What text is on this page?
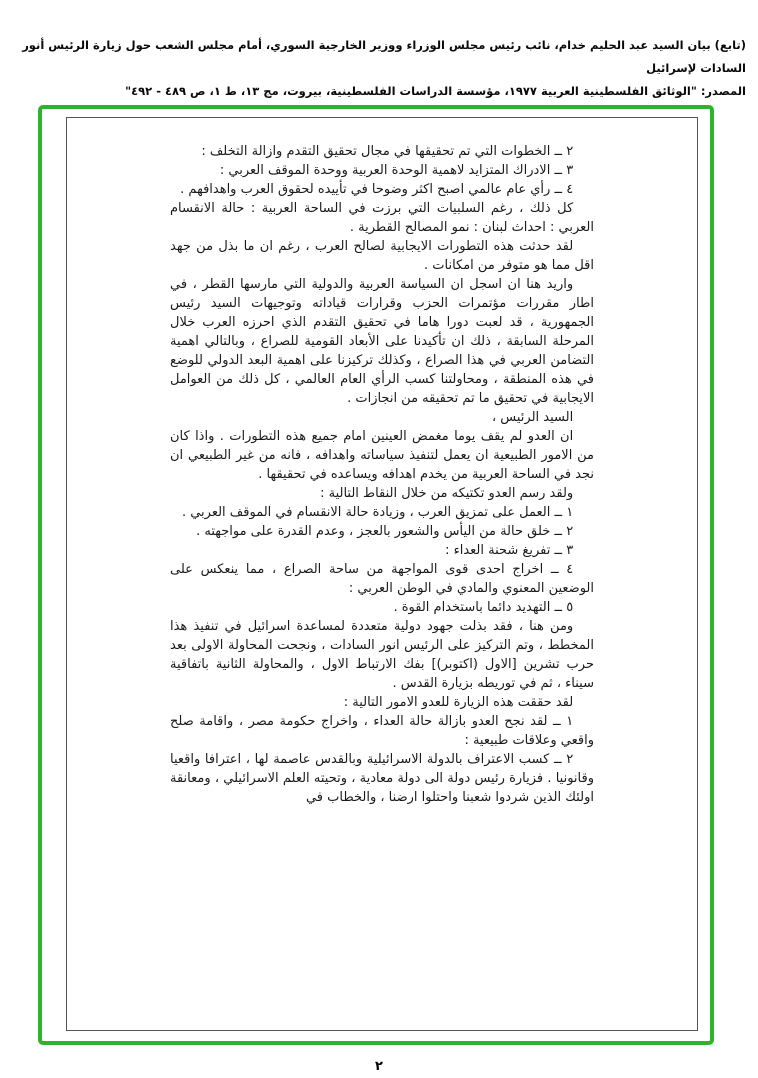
(تابع) بيان السيد عبد الحليم خدام، نائب رئيس مجلس الوزراء ووزير الخارجية السوري، أمام مجلس الشعب حول زيارة الرئيس أنور السادات لإسرائيل
المصدر: "الوثائق الفلسطينية العربية ١٩٧٧، مؤسسة الدراسات الفلسطينية، بيروت، مج ١٣، ط ١، ص ٤٨٩ - ٤٩٢"

٢ ــ الخطوات التي تم تحقيقها في مجال تحقيق التقدم وازالة التخلف :

٣ ــ الادراك المتزايد لاهمية الوحدة العربية ووحدة الموقف العربي :

٤ ــ رأي عام عالمي اصبح اكثر وضوحا في تأييده لحقوق العرب واهدافهم .

كل ذلك ، رغم السلبيات التي برزت في الساحة العربية : حالة الانقسام العربي : احداث لبنان : نمو المصالح القطرية .

لقد حدثت هذه التطورات الايجابية لصالح العرب ، رغم ان ما بذل من جهد اقل مما هو متوفر من امكانات .

واريد هنا ان اسجل ان السياسة العربية والدولية التي مارسها القطر ، في اطار مقررات مؤتمرات الحزب وقرارات قياداته وتوجيهات السيد رئيس الجمهورية ، قد لعبت دورا هاما في تحقيق التقدم الذي احرزه العرب خلال المرحلة السابقة ، ذلك ان تأكيدنا على الأبعاد القومية للصراع ، وبالتالي اهمية التضامن العربي في هذا الصراع ، وكذلك تركيزنا على اهمية البعد الدولي للوضع في هذه المنطقة ، ومحاولتنا كسب الرأي العام العالمي ، كل ذلك من العوامل الايجابية في تحقيق ما تم تحقيقه من انجازات .

السيد الرئيس ،

ان العدو لم يقف يوما مغمض العينين امام جميع هذه التطورات . واذا كان من الامور الطبيعية ان يعمل لتنفيذ سياساته واهدافه ، فانه من غير الطبيعي ان نجد في الساحة العربية من يخدم اهدافه ويساعده في تحقيقها .

ولقد رسم العدو تكتيكه من خلال النقاط التالية :

١ ــ العمل على تمزيق العرب ، وزيادة حالة الانقسام في الموقف العربي .

٢ ــ خلق حالة من اليأس والشعور بالعجز ، وعدم القدرة على مواجهته .

٣ ــ تفريغ شحنة العداء :

٤ ــ اخراج احدى قوى المواجهة من ساحة الصراع ، مما ينعكس على الوضعين المعنوي والمادي في الوطن العربي :

٥ ــ التهديد دائما باستخدام القوة .

ومن هنا ، فقد بذلت جهود دولية متعددة لمساعدة اسرائيل في تنفيذ هذا المخطط ، وتم التركيز على الرئيس انور السادات ، ونجحت المحاولة الاولى بعد حرب تشرين [الاول (اكتوبر)] بفك الارتباط الاول ، والمحاولة الثانية باتفاقية سيناء ، ثم في توريطه بزيارة القدس .

لقد حققت هذه الزيارة للعدو الامور التالية :

١ ــ لقد نجح العدو بازالة حالة العداء ، واخراج حكومة مصر ، واقامة صلح واقعي وعلاقات طبيعية :

٢ ــ كسب الاعتراف بالدولة الاسرائيلية وبالقدس عاصمة لها ، اعترافا واقعيا وقانونيا . فزيارة رئيس دولة الى دولة معادية ، وتحيته العلم الاسرائيلي ، ومعانقة اولئك الذين شردوا شعبنا واحتلوا ارضنا ، والخطاب في

٢
